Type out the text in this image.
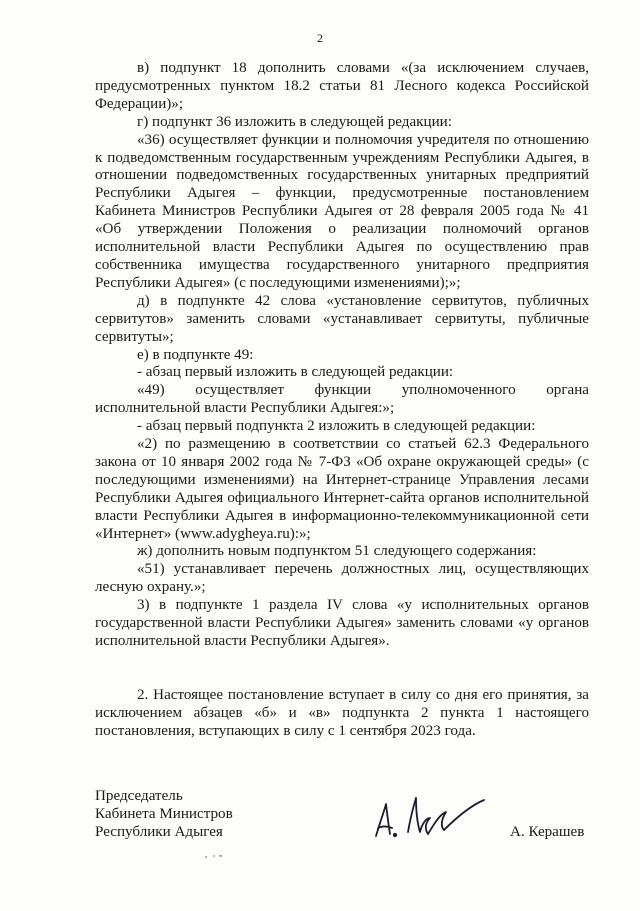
2

в) подпункт 18 дополнить словами «(за исключением случаев, предусмотренных пунктом 18.2 статьи 81 Лесного кодекса Российской Федерации)»;

г) подпункт 36 изложить в следующей редакции:

«36) осуществляет функции и полномочия учредителя по отношению к подведомственным государственным учреждениям Республики Адыгея, в отношении подведомственных государственных унитарных предприятий Республики Адыгея – функции, предусмотренные постановлением Кабинета Министров Республики Адыгея от 28 февраля 2005 года № 41 «Об утверждении Положения о реализации полномочий органов исполнительной власти Республики Адыгея по осуществлению прав собственника имущества государственного унитарного предприятия Республики Адыгея» (с последующими изменениями);»;

д) в подпункте 42 слова «установление сервитутов, публичных сервитутов» заменить словами «устанавливает сервитуты, публичные сервитуты»;

е) в подпункте 49:

- абзац первый изложить в следующей редакции:

«49) осуществляет функции уполномоченного органа исполнительной власти Республики Адыгея:»;

- абзац первый подпункта 2 изложить в следующей редакции:

«2) по размещению в соответствии со статьей 62.3 Федерального закона от 10 января 2002 года № 7-ФЗ «Об охране окружающей среды» (с последующими изменениями) на Интернет-странице Управления лесами Республики Адыгея официального Интернет-сайта органов исполнительной власти Республики Адыгея в информационно-телекоммуникационной сети «Интернет» (www.adygheya.ru):»;

ж) дополнить новым подпунктом 51 следующего содержания:

«51) устанавливает перечень должностных лиц, осуществляющих лесную охрану.»;

3) в подпункте 1 раздела IV слова «у исполнительных органов государственной власти Республики Адыгея» заменить словами «у органов исполнительной власти Республики Адыгея».

2. Настоящее постановление вступает в силу со дня его принятия, за исключением абзацев «б» и «в» подпункта 2 пункта 1 настоящего постановления, вступающих в силу с 1 сентября 2023 года.

Председатель
Кабинета Министров
Республики Адыгея	А. Керашев
